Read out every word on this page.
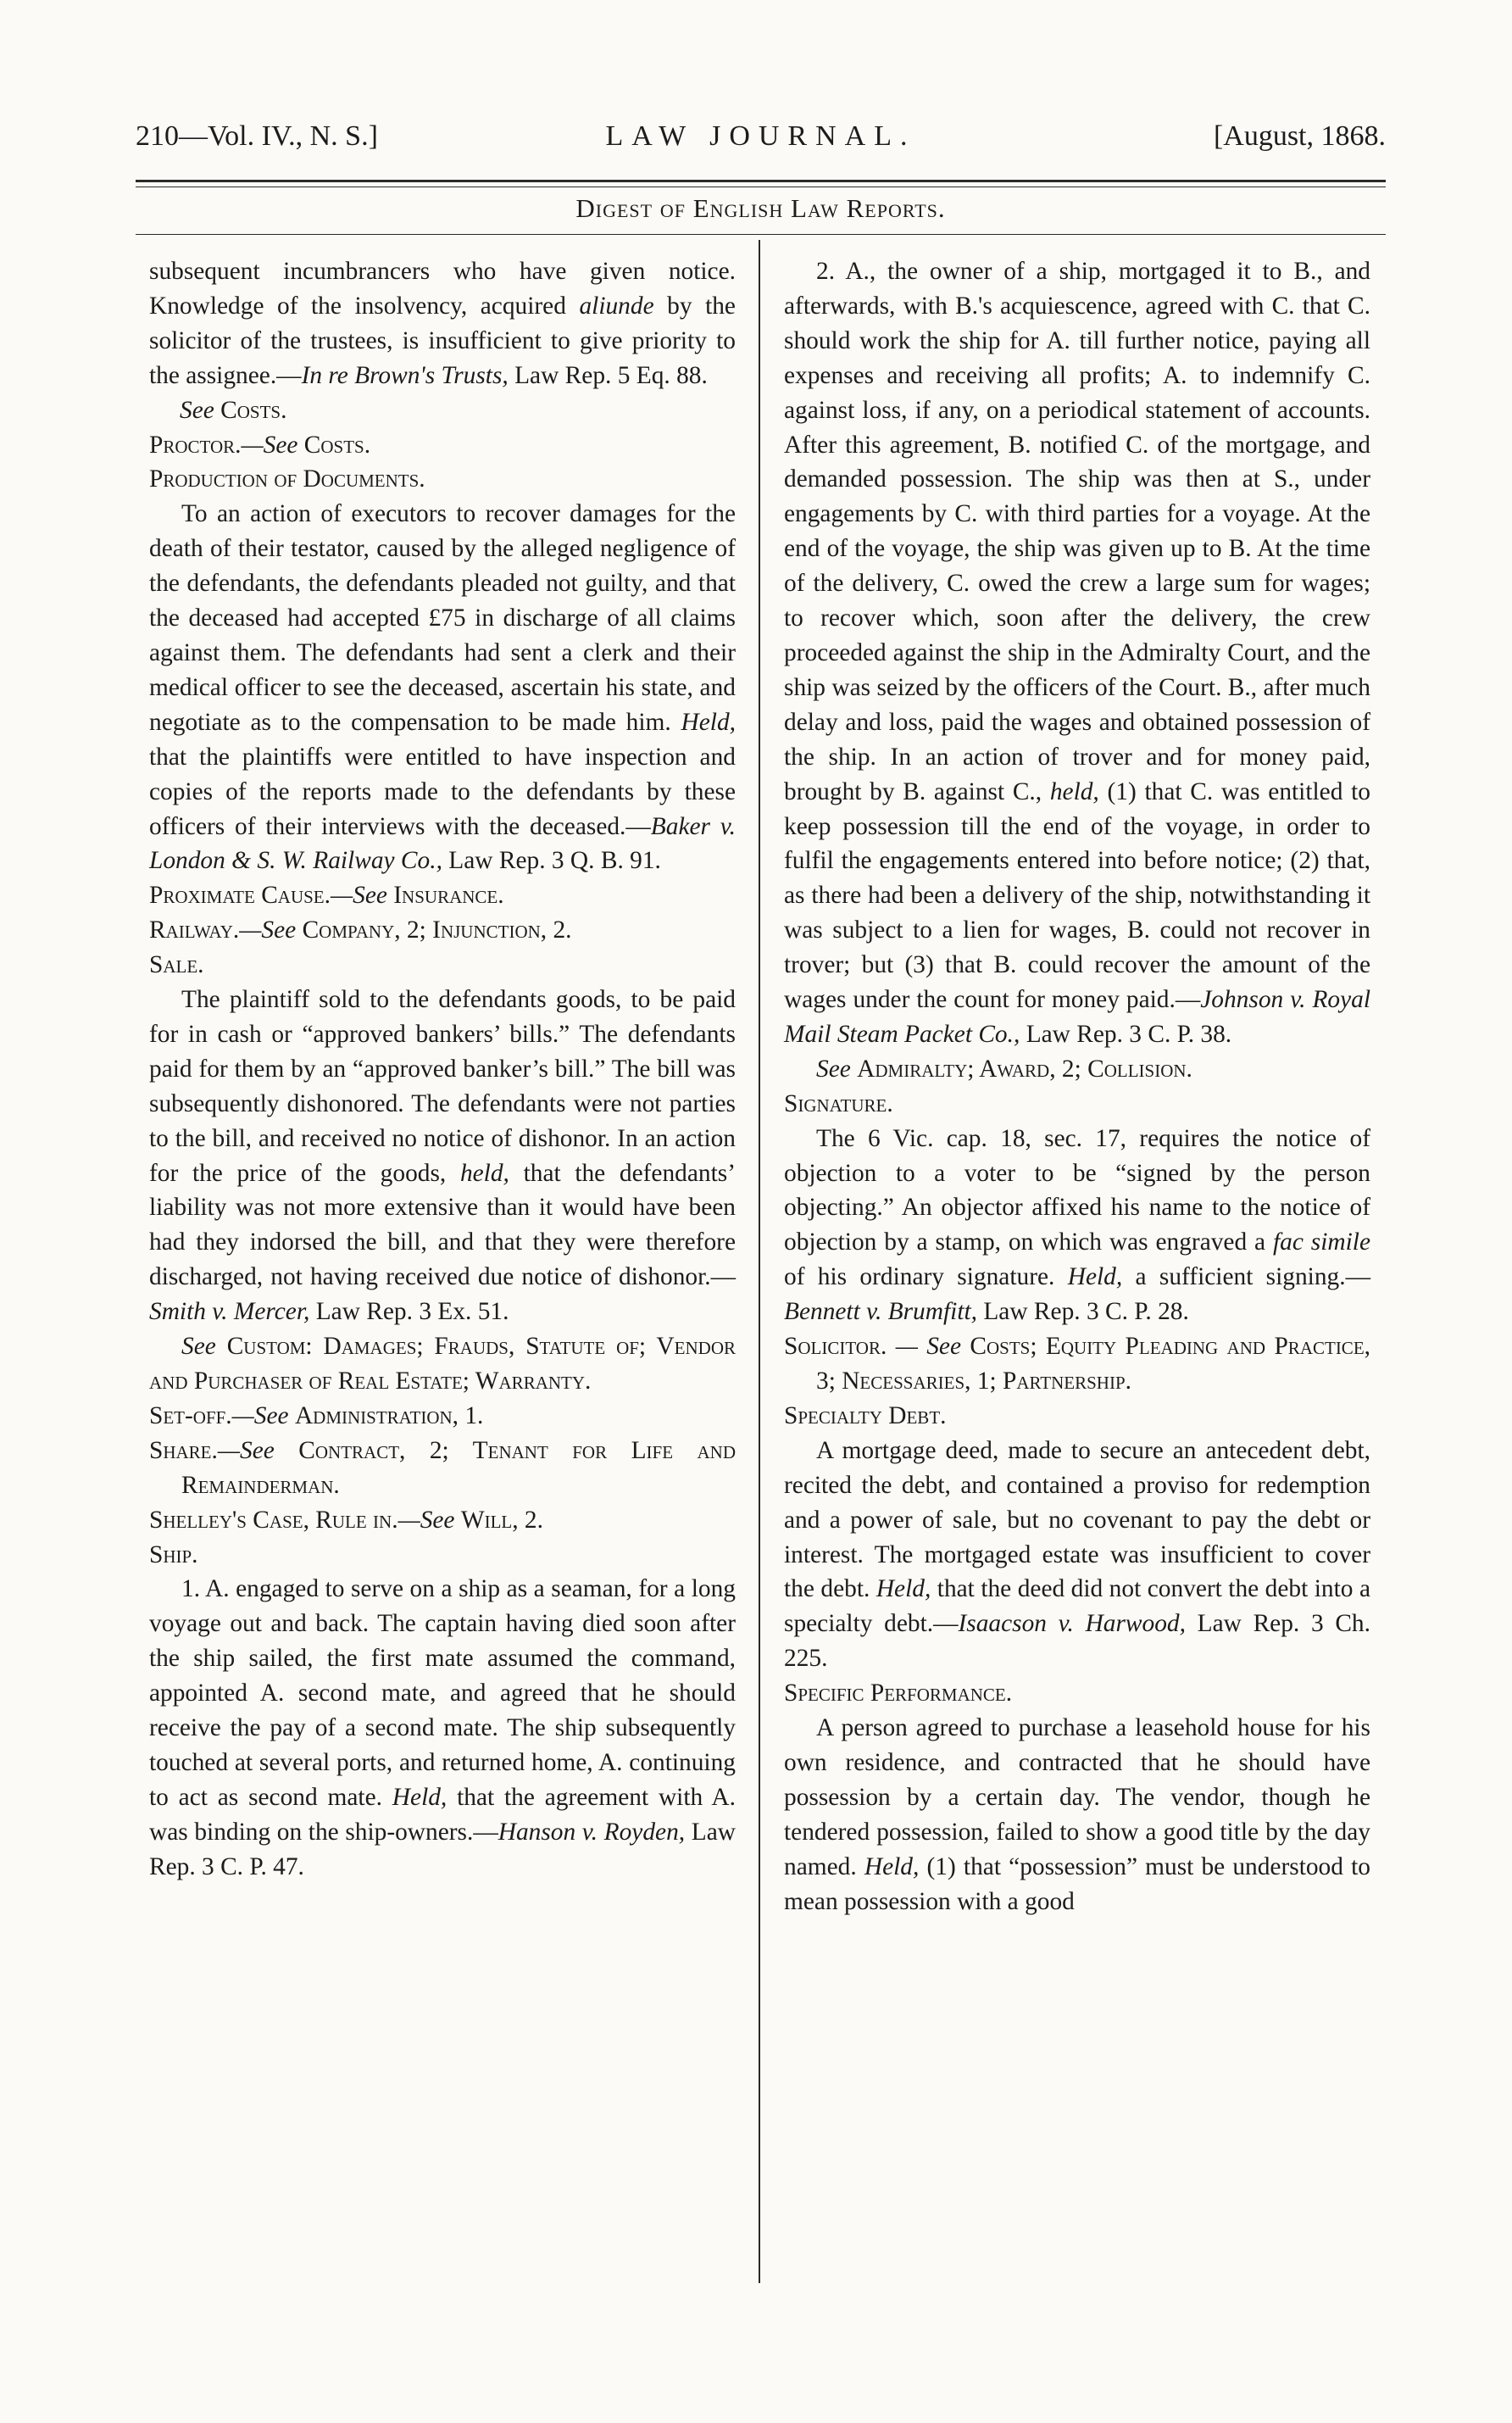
210—Vol. IV., N. S.]	LAW JOURNAL.	[August, 1868.
Digest of English Law Reports.

subsequent incumbrancers who have given notice. Knowledge of the insolvency, acquired aliunde by the solicitor of the trustees, is insufficient to give priority to the assignee.—In re Brown's Trusts, Law Rep. 5 Eq. 88.

See Costs.

Proctor.—See Costs.

Production of Documents.

To an action of executors to recover damages for the death of their testator, caused by the alleged negligence of the defendants, the defendants pleaded not guilty, and that the deceased had accepted £75 in discharge of all claims against them. The defendants had sent a clerk and their medical officer to see the deceased, ascertain his state, and negotiate as to the compensation to be made him. Held, that the plaintiffs were entitled to have inspection and copies of the reports made to the defendants by these officers of their interviews with the deceased.—Baker v. London & S. W. Railway Co., Law Rep. 3 Q. B. 91.

Proximate Cause.—See Insurance.

Railway.—See Company, 2; Injunction, 2.

Sale.

The plaintiff sold to the defendants goods, to be paid for in cash or “approved bankers’ bills.” The defendants paid for them by an “approved banker’s bill.” The bill was subsequently dishonored. The defendants were not parties to the bill, and received no notice of dishonor. In an action for the price of the goods, held, that the defendants’ liability was not more extensive than it would have been had they indorsed the bill, and that they were therefore discharged, not having received due notice of dishonor.—Smith v. Mercer, Law Rep. 3 Ex. 51.

See Custom: Damages; Frauds, Statute of; Vendor and Purchaser of Real Estate; Warranty.

Set-off.—See Administration, 1.

Share.—See Contract, 2; Tenant for Life and Remainderman.

Shelley's Case, Rule in.—See Will, 2.

Ship.

1. A. engaged to serve on a ship as a seaman, for a long voyage out and back. The captain having died soon after the ship sailed, the first mate assumed the command, appointed A. second mate, and agreed that he should receive the pay of a second mate. The ship subsequently touched at several ports, and returned home, A. continuing to act as second mate. Held, that the agreement with A. was binding on the ship-owners.—Hanson v. Royden, Law Rep. 3 C. P. 47.

2. A., the owner of a ship, mortgaged it to B., and afterwards, with B.'s acquiescence, agreed with C. that C. should work the ship for A. till further notice, paying all expenses and receiving all profits; A. to indemnify C. against loss, if any, on a periodical statement of accounts. After this agreement, B. notified C. of the mortgage, and demanded possession. The ship was then at S., under engagements by C. with third parties for a voyage. At the end of the voyage, the ship was given up to B. At the time of the delivery, C. owed the crew a large sum for wages; to recover which, soon after the delivery, the crew proceeded against the ship in the Admiralty Court, and the ship was seized by the officers of the Court. B., after much delay and loss, paid the wages and obtained possession of the ship. In an action of trover and for money paid, brought by B. against C., held, (1) that C. was entitled to keep possession till the end of the voyage, in order to fulfil the engagements entered into before notice; (2) that, as there had been a delivery of the ship, notwithstanding it was subject to a lien for wages, B. could not recover in trover; but (3) that B. could recover the amount of the wages under the count for money paid.—Johnson v. Royal Mail Steam Packet Co., Law Rep. 3 C. P. 38.

See Admiralty; Award, 2; Collision.

Signature.

The 6 Vic. cap. 18, sec. 17, requires the notice of objection to a voter to be “signed by the person objecting.” An objector affixed his name to the notice of objection by a stamp, on which was engraved a fac simile of his ordinary signature. Held, a sufficient signing.—Bennett v. Brumfitt, Law Rep. 3 C. P. 28.

Solicitor. — See Costs; Equity Pleading and Practice, 3; Necessaries, 1; Partnership.

Specialty Debt.

A mortgage deed, made to secure an antecedent debt, recited the debt, and contained a proviso for redemption and a power of sale, but no covenant to pay the debt or interest. The mortgaged estate was insufficient to cover the debt. Held, that the deed did not convert the debt into a specialty debt.—Isaacson v. Harwood, Law Rep. 3 Ch. 225.

Specific Performance.

A person agreed to purchase a leasehold house for his own residence, and contracted that he should have possession by a certain day. The vendor, though he tendered possession, failed to show a good title by the day named. Held, (1) that “possession” must be understood to mean possession with a good
